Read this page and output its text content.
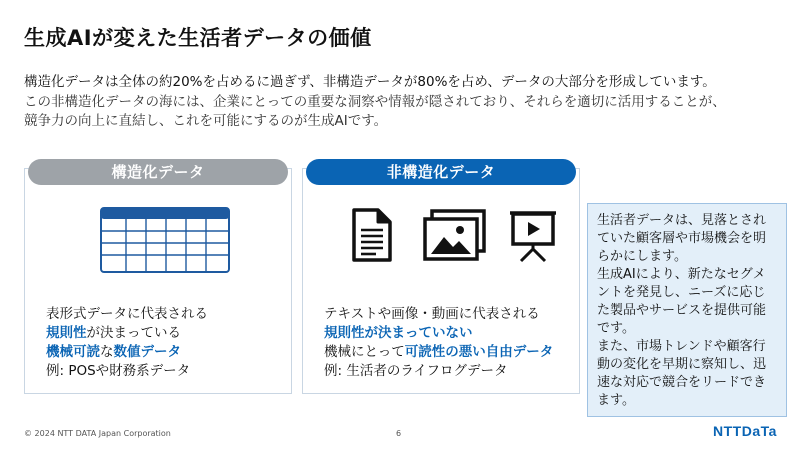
生成AIが変えた生活者データの価値
構造化データは全体の約20%を占めるに過ぎず、非構造データが80%を占め、データの大部分を形成しています。
この非構造化データの海には、企業にとっての重要な洞察や情報が隠されており、それらを適切に活用することが、
競争力の向上に直結し、これを可能にするのが生成AIです。
構造化データ
表形式データに代表される
規則性が決まっている
機械可読な数値データ
例: POSや財務系データ
非構造化データ
テキストや画像・動画に代表される
規則性が決まっていない
機械にとって可読性の悪い自由データ
例: 生活者のライフログデータ
生活者データは、見落とされていた顧客層や市場機会を明らかにします。
生成AIにより、新たなセグメントを発見し、ニーズに応じた製品やサービスを提供可能です。
また、市場トレンドや顧客行動の変化を早期に察知し、迅速な対応で競合をリードできます。
© 2024 NTT DATA Japan Corporation	6	NTTDaTa
